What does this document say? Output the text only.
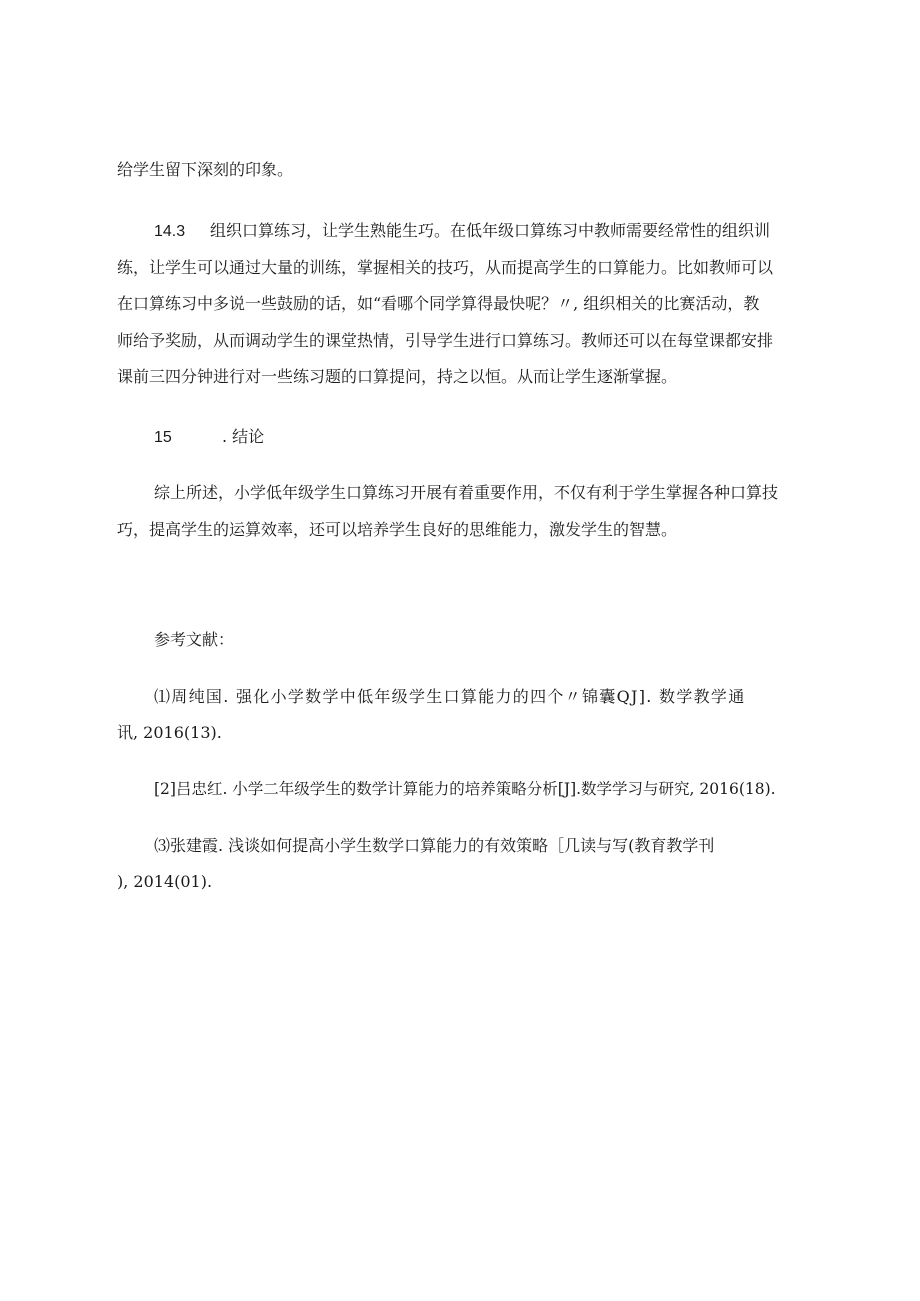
给学生留下深刻的印象。
14.3 组织口算练习，让学生熟能生巧。在低年级口算练习中教师需要经常性的组织训
练，让学生可以通过大量的训练，掌握相关的技巧，从而提高学生的口算能力。比如教师可以
在口算练习中多说一些鼓励的话，如“看哪个同学算得最快呢？〃, 组织相关的比赛活动，教
师给予奖励，从而调动学生的课堂热情，引导学生进行口算练习。教师还可以在每堂课都安排
课前三四分钟进行对一些练习题的口算提问，持之以恒。从而让学生逐渐掌握。
15	. 结论
综上所述，小学低年级学生口算练习开展有着重要作用，不仅有利于学生掌握各种口算技
巧，提高学生的运算效率，还可以培养学生良好的思维能力，激发学生的智慧。
参考文献：
⑴周纯国. 强化小学数学中低年级学生口算能力的四个〃锦囊QJ]. 数学教学通
讯, 2016(13).
[2]吕忠红. 小学二年级学生的数学计算能力的培养策略分析[J].数学学习与研究, 2016(18).
⑶张建霞. 浅谈如何提高小学生数学口算能力的有效策略［几读与写(教育教学刊
), 2014(01).
